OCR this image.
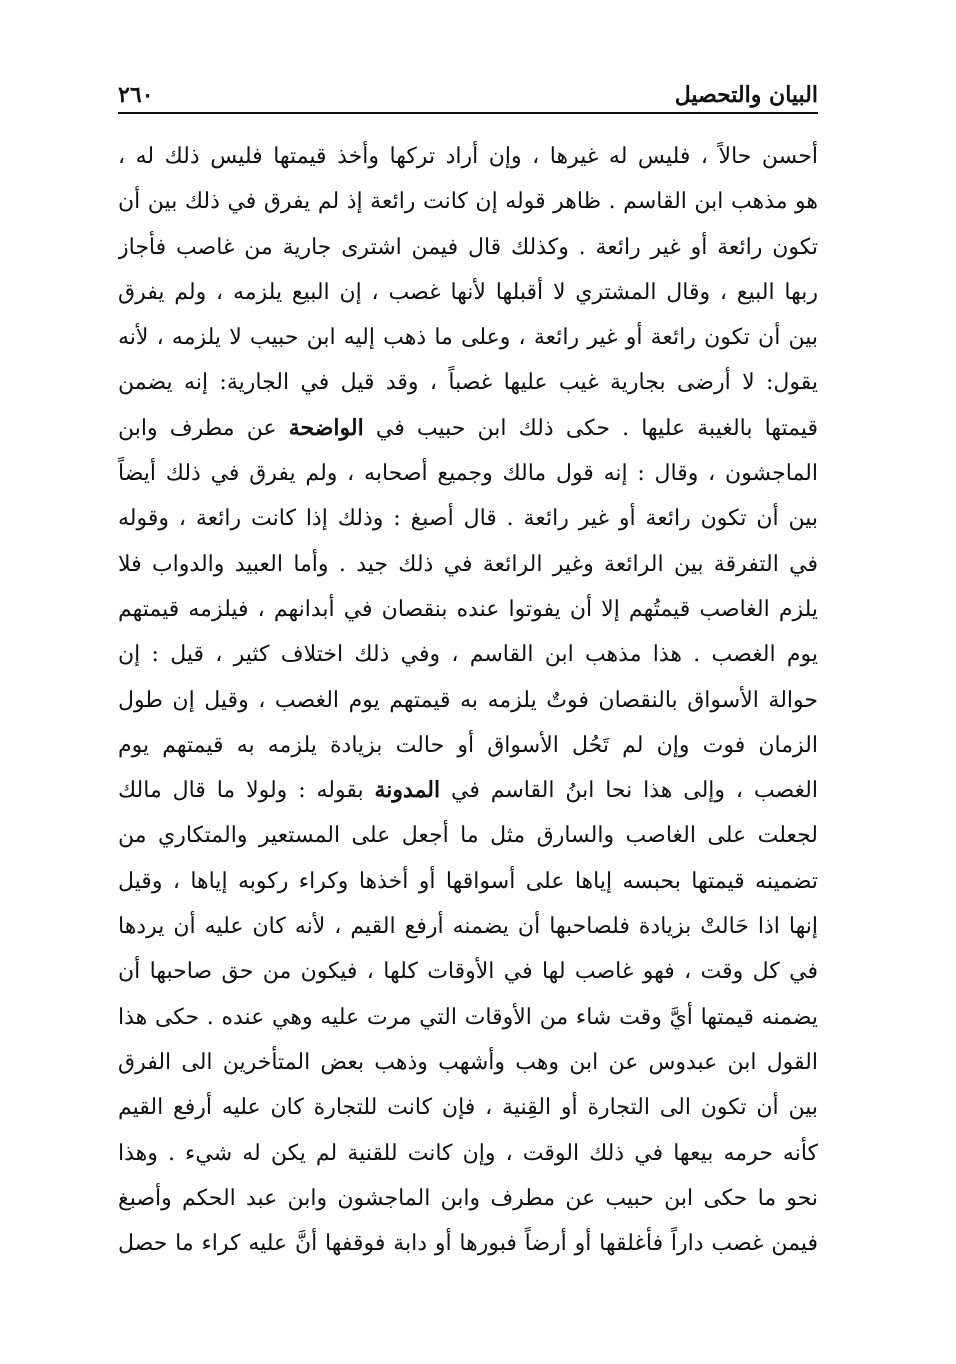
البيان والتحصيل
٢٦٠
أحسن حالاً ، فليس له غيرها ، وإن أراد تركها وأخذ قيمتها فليس ذلك له ،
هو مذهب ابن القاسم . ظاهر قوله إن كانت رائعة إذ لم يفرق في ذلك بين أن
تكون رائعة أو غير رائعة . وكذلك قال فيمن اشترى جارية من غاصب فأجاز
ربها البيع ، وقال المشتري لا أقبلها لأنها غصب ، إن البيع يلزمه ، ولم يفرق
بين أن تكون رائعة أو غير رائعة ، وعلى ما ذهب إليه ابن حبيب لا يلزمه ، لأنه
يقول: لا أرضى بجارية غيب عليها غصباً ، وقد قيل في الجارية: إنه يضمن
قيمتها بالغيبة عليها . حكى ذلك ابن حبيب في الواضحة عن مطرف وابن
الماجشون ، وقال : إنه قول مالك وجميع أصحابه ، ولم يفرق في ذلك أيضاً
بين أن تكون رائعة أو غير رائعة . قال أصبغ : وذلك إذا كانت رائعة ، وقوله
في التفرقة بين الرائعة وغير الرائعة في ذلك جيد . وأما العبيد والدواب فلا
يلزم الغاصب قيمتُهم إلا أن يفوتوا عنده بنقصان في أبدانهم ، فيلزمه قيمتهم
يوم الغصب . هذا مذهب ابن القاسم ، وفي ذلك اختلاف كثير ، قيل : إن
حوالة الأسواق بالنقصان فوتٌ يلزمه به قيمتهم يوم الغصب ، وقيل إن طول
الزمان فوت وإن لم تَحُل الأسواق أو حالت بزيادة يلزمه به قيمتهم يوم
الغصب ، وإلى هذا نحا ابنُ القاسم في المدونة بقوله : ولولا ما قال مالك
لجعلت على الغاصب والسارق مثل ما أجعل على المستعير والمتكاري من
تضمينه قيمتها بحبسه إياها على أسواقها أو أخذها وكراء ركوبه إياها ، وقيل
إنها اذا حَالتْ بزيادة فلصاحبها أن يضمنه أرفع القيم ، لأنه كان عليه أن يردها
في كل وقت ، فهو غاصب لها في الأوقات كلها ، فيكون من حق صاحبها أن
يضمنه قيمتها أيَّ وقت شاء من الأوقات التي مرت عليه وهي عنده . حكى هذا
القول ابن عبدوس عن ابن وهب وأشهب وذهب بعض المتأخرين الى الفرق
بين أن تكون الى التجارة أو القِنية ، فإن كانت للتجارة كان عليه أرفع القيم
كأنه حرمه بيعها في ذلك الوقت ، وإن كانت للقنية لم يكن له شيء . وهذا
نحو ما حكى ابن حبيب عن مطرف وابن الماجشون وابن عبد الحكم وأصبغ
فيمن غصب داراً فأغلقها أو أرضاً فبورها أو دابة فوقفها أنَّ عليه كراء ما حصل
